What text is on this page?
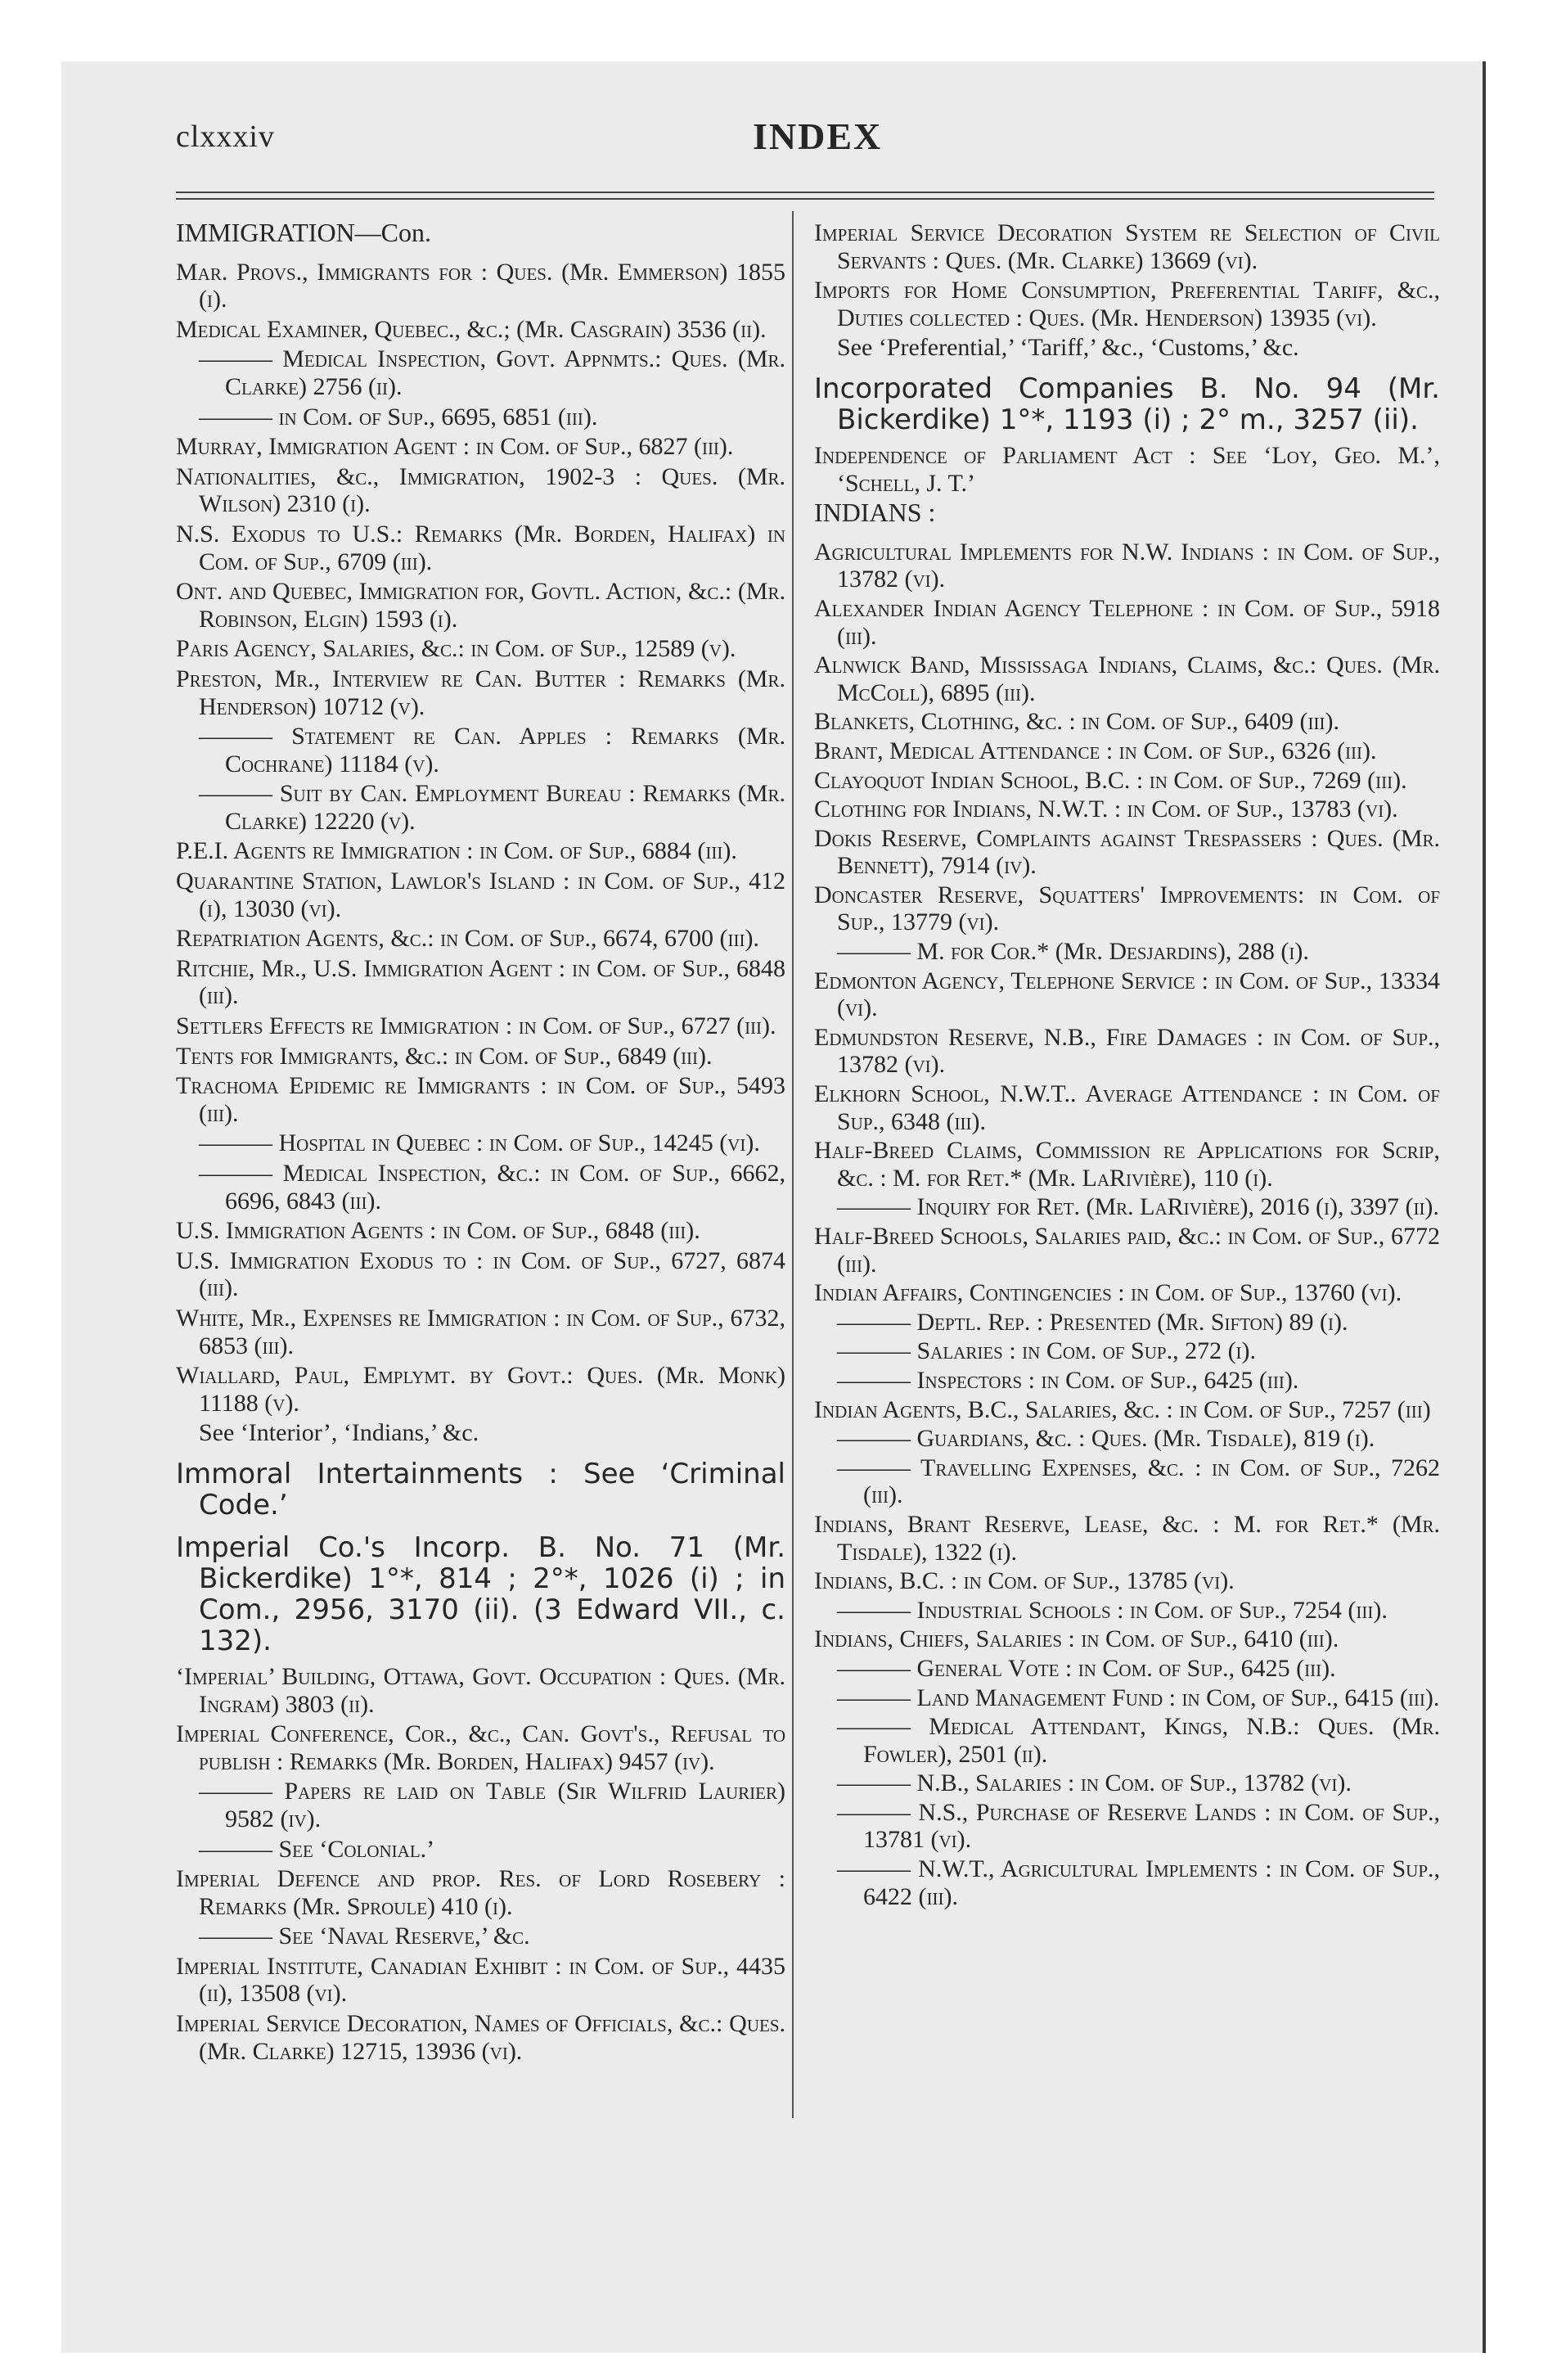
clxxxiv	INDEX

IMMIGRATION—Con.

Mar. Provs., Immigrants for : Ques. (Mr. Emmerson) 1855 (i).

Medical Examiner, Quebec., &c.; (Mr. Casgrain) 3536 (ii).

——— Medical Inspection, Govt. Appnmts.: Ques. (Mr. Clarke) 2756 (ii).

——— in Com. of Sup., 6695, 6851 (iii).

Murray, Immigration Agent : in Com. of Sup., 6827 (iii).

Nationalities, &c., Immigration, 1902-3 : Ques. (Mr. Wilson) 2310 (i).

N.S. Exodus to U.S.: Remarks (Mr. Borden, Halifax) in Com. of Sup., 6709 (iii).

Ont. and Quebec, Immigration for, Govtl. Action, &c.: (Mr. Robinson, Elgin) 1593 (i).

Paris Agency, Salaries, &c.: in Com. of Sup., 12589 (v).

Preston, Mr., Interview re Can. Butter : Remarks (Mr. Henderson) 10712 (v).

——— Statement re Can. Apples : Remarks (Mr. Cochrane) 11184 (v).

——— Suit by Can. Employment Bureau : Remarks (Mr. Clarke) 12220 (v).

P.E.I. Agents re Immigration : in Com. of Sup., 6884 (iii).

Quarantine Station, Lawlor's Island : in Com. of Sup., 412 (i), 13030 (vi).

Repatriation Agents, &c.: in Com. of Sup., 6674, 6700 (iii).

Ritchie, Mr., U.S. Immigration Agent : in Com. of Sup., 6848 (iii).

Settlers Effects re Immigration : in Com. of Sup., 6727 (iii).

Tents for Immigrants, &c.: in Com. of Sup., 6849 (iii).

Trachoma Epidemic re Immigrants : in Com. of Sup., 5493 (iii).

——— Hospital in Quebec : in Com. of Sup., 14245 (vi).

——— Medical Inspection, &c.: in Com. of Sup., 6662, 6696, 6843 (iii).

U.S. Immigration Agents : in Com. of Sup., 6848 (iii).

U.S. Immigration Exodus to : in Com. of Sup., 6727, 6874 (iii).

White, Mr., Expenses re Immigration : in Com. of Sup., 6732, 6853 (iii).

Wiallard, Paul, Emplymt. by Govt.: Ques. (Mr. Monk) 11188 (v).

See ‘Interior’, ‘Indians,’ &c.

Immoral Intertainments : See ‘Criminal Code.’

Imperial Co.'s Incorp. B. No. 71 (Mr. Bickerdike) 1°*, 814 ; 2°*, 1026 (i) ; in Com., 2956, 3170 (ii). (3 Edward VII., c. 132).

‘Imperial’ Building, Ottawa, Govt. Occupation : Ques. (Mr. Ingram) 3803 (ii).

Imperial Conference, Cor., &c., Can. Govt's., Refusal to publish : Remarks (Mr. Borden, Halifax) 9457 (iv).

——— Papers re laid on Table (Sir Wilfrid Laurier) 9582 (iv).

——— See ‘Colonial.’

Imperial Defence and prop. Res. of Lord Rosebery : Remarks (Mr. Sproule) 410 (i).

——— See ‘Naval Reserve,’ &c.

Imperial Institute, Canadian Exhibit : in Com. of Sup., 4435 (ii), 13508 (vi).

Imperial Service Decoration, Names of Officials, &c.: Ques. (Mr. Clarke) 12715, 13936 (vi).

Imperial Service Decoration System re Selection of Civil Servants : Ques. (Mr. Clarke) 13669 (vi).

Imports for Home Consumption, Preferential Tariff, &c., Duties collected : Ques. (Mr. Henderson) 13935 (vi).

See ‘Preferential,’ ‘Tariff,’ &c., ‘Customs,’ &c.

Incorporated Companies B. No. 94 (Mr. Bickerdike) 1°*, 1193 (i) ; 2° m., 3257 (ii).

Independence of Parliament Act : See ‘Loy, Geo. M.’, ‘Schell, J. T.’

INDIANS :

Agricultural Implements for N.W. Indians : in Com. of Sup., 13782 (vi).

Alexander Indian Agency Telephone : in Com. of Sup., 5918 (iii).

Alnwick Band, Mississaga Indians, Claims, &c.: Ques. (Mr. McColl), 6895 (iii).

Blankets, Clothing, &c. : in Com. of Sup., 6409 (iii).

Brant, Medical Attendance : in Com. of Sup., 6326 (iii).

Clayoquot Indian School, B.C. : in Com. of Sup., 7269 (iii).

Clothing for Indians, N.W.T. : in Com. of Sup., 13783 (vi).

Dokis Reserve, Complaints against Trespassers : Ques. (Mr. Bennett), 7914 (iv).

Doncaster Reserve, Squatters' Improvements: in Com. of Sup., 13779 (vi).

——— M. for Cor.* (Mr. Desjardins), 288 (i).

Edmonton Agency, Telephone Service : in Com. of Sup., 13334 (vi).

Edmundston Reserve, N.B., Fire Damages : in Com. of Sup., 13782 (vi).

Elkhorn School, N.W.T.. Average Attendance : in Com. of Sup., 6348 (iii).

Half-Breed Claims, Commission re Applications for Scrip, &c. : M. for Ret.* (Mr. LaRivière), 110 (i).

——— Inquiry for Ret. (Mr. LaRivière), 2016 (i), 3397 (ii).

Half-Breed Schools, Salaries paid, &c.: in Com. of Sup., 6772 (iii).

Indian Affairs, Contingencies : in Com. of Sup., 13760 (vi).

——— Deptl. Rep. : Presented (Mr. Sifton) 89 (i).

——— Salaries : in Com. of Sup., 272 (i).

——— Inspectors : in Com. of Sup., 6425 (iii).

Indian Agents, B.C., Salaries, &c. : in Com. of Sup., 7257 (iii)

——— Guardians, &c. : Ques. (Mr. Tisdale), 819 (i).

——— Travelling Expenses, &c. : in Com. of Sup., 7262 (iii).

Indians, Brant Reserve, Lease, &c. : M. for Ret.* (Mr. Tisdale), 1322 (i).

Indians, B.C. : in Com. of Sup., 13785 (vi).

——— Industrial Schools : in Com. of Sup., 7254 (iii).

Indians, Chiefs, Salaries : in Com. of Sup., 6410 (iii).

——— General Vote : in Com. of Sup., 6425 (iii).

——— Land Management Fund : in Com, of Sup., 6415 (iii).

——— Medical Attendant, Kings, N.B.: Ques. (Mr. Fowler), 2501 (ii).

——— N.B., Salaries : in Com. of Sup., 13782 (vi).

——— N.S., Purchase of Reserve Lands : in Com. of Sup., 13781 (vi).

——— N.W.T., Agricultural Implements : in Com. of Sup., 6422 (iii).
